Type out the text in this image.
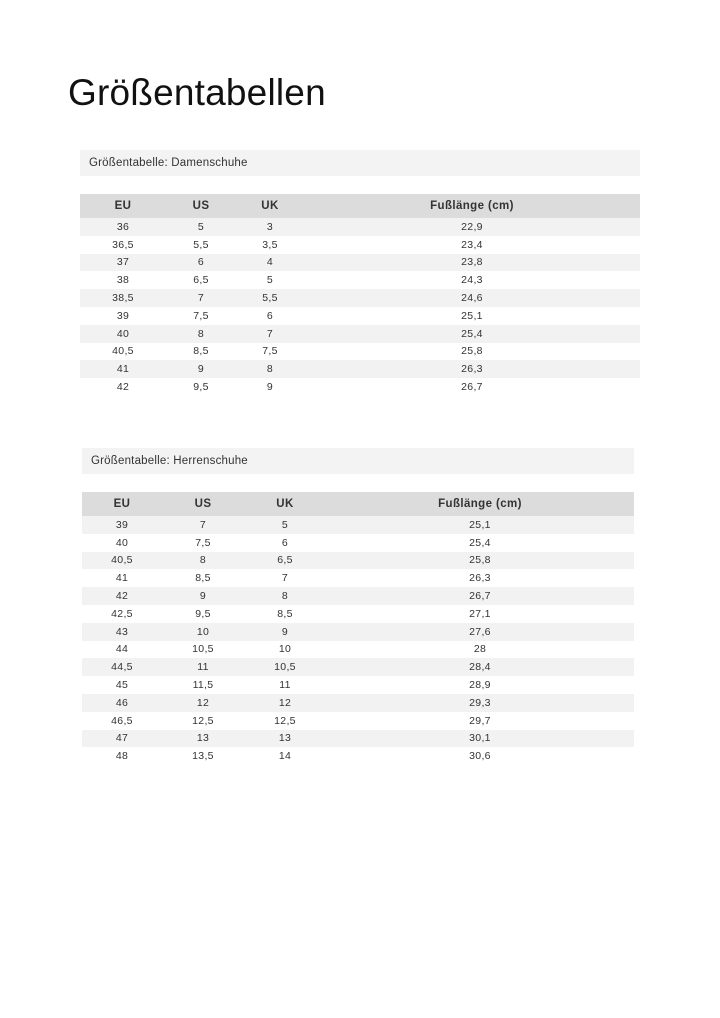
Größentabellen
Größentabelle: Damenschuhe
EU	US	UK	Fußlänge (cm)
36	5	3	22,9
36,5	5,5	3,5	23,4
37	6	4	23,8
38	6,5	5	24,3
38,5	7	5,5	24,6
39	7,5	6	25,1
40	8	7	25,4
40,5	8,5	7,5	25,8
41	9	8	26,3
42	9,5	9	26,7
Größentabelle: Herrenschuhe
EU	US	UK	Fußlänge (cm)
39	7	5	25,1
40	7,5	6	25,4
40,5	8	6,5	25,8
41	8,5	7	26,3
42	9	8	26,7
42,5	9,5	8,5	27,1
43	10	9	27,6
44	10,5	10	28
44,5	11	10,5	28,4
45	11,5	11	28,9
46	12	12	29,3
46,5	12,5	12,5	29,7
47	13	13	30,1
48	13,5	14	30,6
